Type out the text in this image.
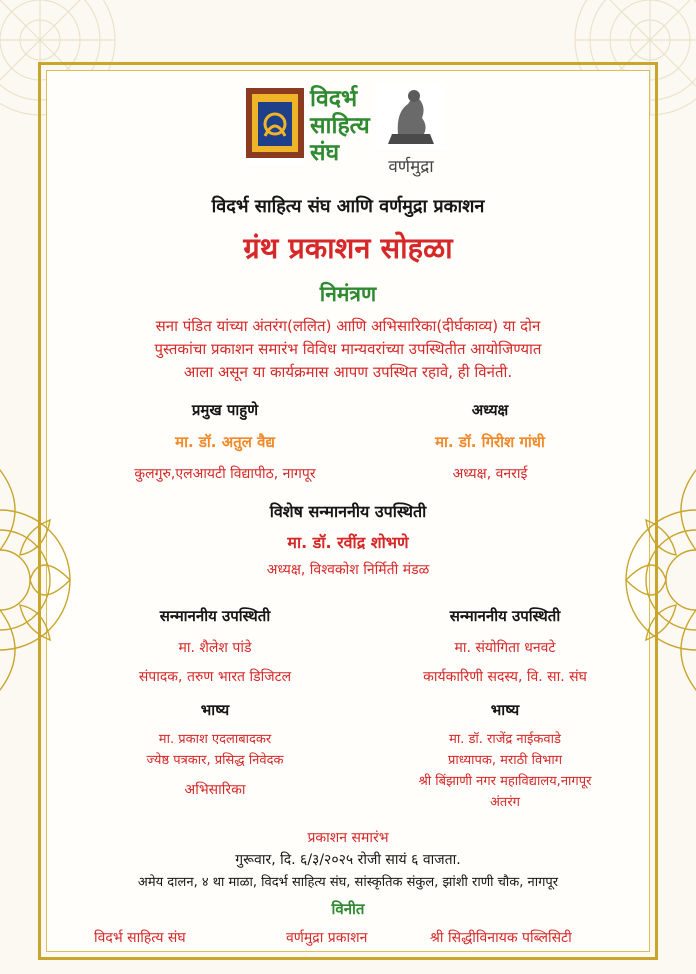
विदर्भ
साहित्य
संघ
वर्णमुद्रा
विदर्भ साहित्य संघ आणि वर्णमुद्रा प्रकाशन
ग्रंथ प्रकाशन सोहळा
निमंत्रण
सना पंडित यांच्या अंतरंग(ललित) आणि अभिसारिका(दीर्घकाव्य) या दोन
पुस्तकांचा प्रकाशन समारंभ विविध मान्यवरांच्या उपस्थितीत आयोजिण्यात
आला असून या कार्यक्रमास आपण उपस्थित रहावे, ही विनंती.
प्रमुख पाहुणे
मा. डॉ. अतुल वैद्य
कुलगुरु,एलआयटी विद्यापीठ, नागपूर
अध्यक्ष
मा. डॉ. गिरीश गांधी
अध्यक्ष, वनराई
विशेष सन्माननीय उपस्थिती
मा. डॉ. रवींद्र शोभणे
अध्यक्ष, विश्वकोश निर्मिती मंडळ
सन्माननीय उपस्थिती
मा. शैलेश पांडे
संपादक, तरुण भारत डिजिटल
सन्माननीय उपस्थिती
मा. संयोगिता धनवटे
कार्यकारिणी सदस्य, वि. सा. संघ
भाष्य
मा. प्रकाश एदलाबादकर
ज्येष्ठ पत्रकार, प्रसिद्ध निवेदक
अभिसारिका
भाष्य
मा. डॉ. राजेंद्र नाईकवाडे
प्राध्यापक, मराठी विभाग
श्री बिंझाणी नगर महाविद्यालय,नागपूर
अंतरंग
प्रकाशन समारंभ
गुरूवार, दि. ६/३/२०२५ रोजी सायं ६ वाजता.
अमेय दालन, ४ था माळा, विदर्भ साहित्य संघ, सांस्कृतिक संकुल, झांशी राणी चौक, नागपूर
विनीत
विदर्भ साहित्य संघ	वर्णमुद्रा प्रकाशन	श्री सिद्धीविनायक पब्लिसिटी
